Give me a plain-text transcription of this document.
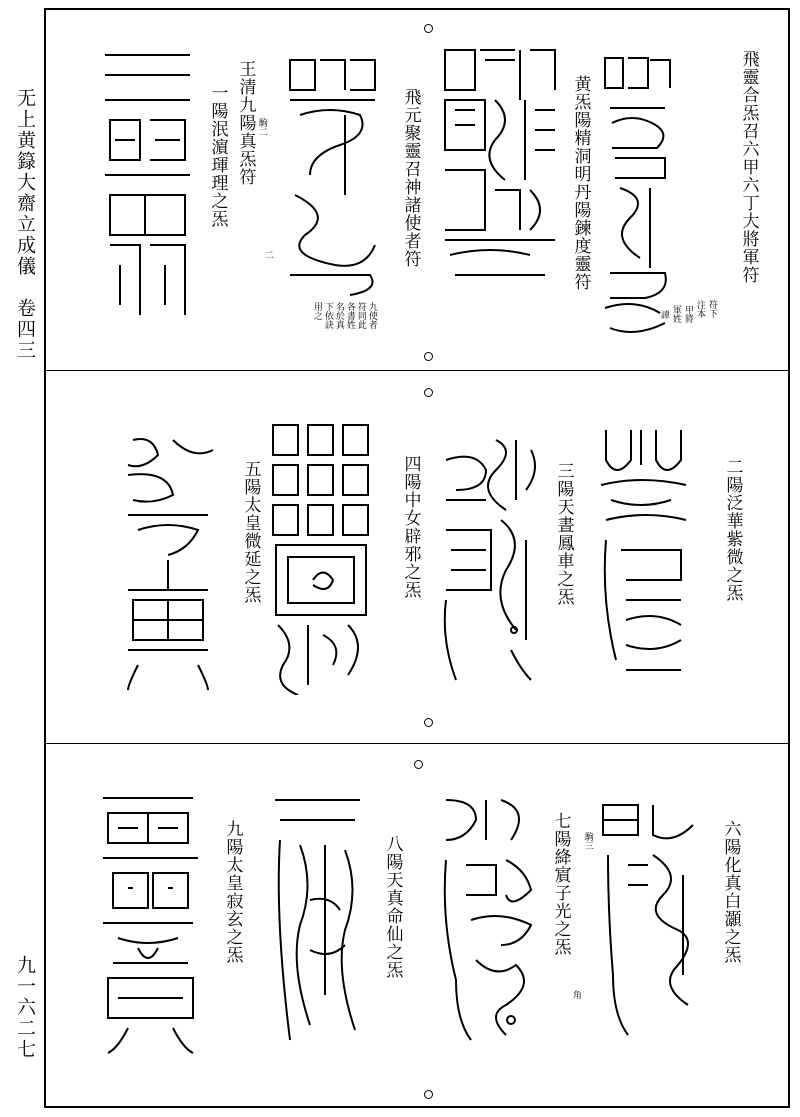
无上黄籙大齋立成儀　卷四三
九一六二七
飛靈合炁召六甲六丁大將軍符
符下
注本
甲將
軍姓
諱
黄炁陽精洞明丹陽鍊度靈符
飛元聚靈召神諸使者符
九使者
符同此
各書姓
名於真
下依訣
用之
二
駒二
王清九陽真炁符
一陽泯濵琿理之炁
二陽泛華紫微之炁
三陽天晝鳳車之炁
四陽中女辟邪之炁
五陽太皇微延之炁
六陽化真白灝之炁
駒三
七陽絳賔子光之炁
角
八陽天真命仙之炁
九陽太皇寂玄之炁
